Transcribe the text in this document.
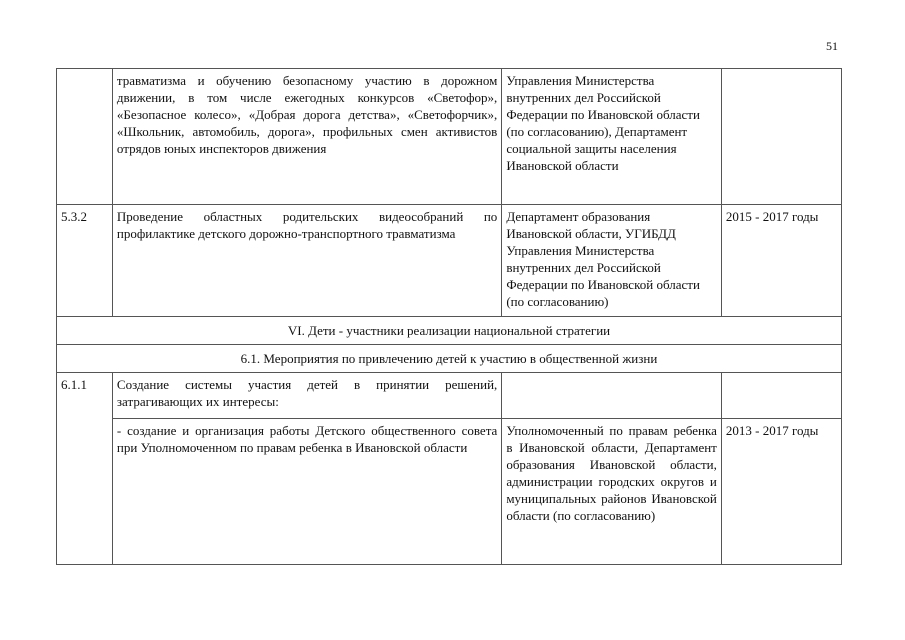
51
	травматизма и обучению безопасному участию в дорожном движении, в том числе ежегодных конкурсов «Светофор», «Безопасное колесо», «Добрая дорога детства», «Светофорчик», «Школьник, автомобиль, дорога», профильных смен активистов отрядов юных инспекторов движения	Управления Министерства внутренних дел Российской Федерации по Ивановской области (по согласованию), Департамент социальной защиты населения Ивановской области	
5.3.2	Проведение областных родительских видеособраний по профилактике детского дорожно-транспортного травматизма	Департамент образования Ивановской области, УГИБДД Управления Министерства внутренних дел Российской Федерации по Ивановской области (по согласованию)	2015 - 2017 годы
VI. Дети - участники реализации национальной стратегии			
6.1. Мероприятия по привлечению детей к участию в общественной жизни			
6.1.1	Создание системы участия детей в принятии решений, затрагивающих их интересы:		
	- создание и организация работы Детского общественного совета при Уполномоченном по правам ребенка в Ивановской области	Уполномоченный по правам ребенка в Ивановской области, Департамент образования Ивановской области, администрации городских округов и муниципальных районов Ивановской области (по согласованию)	2013 - 2017 годы
